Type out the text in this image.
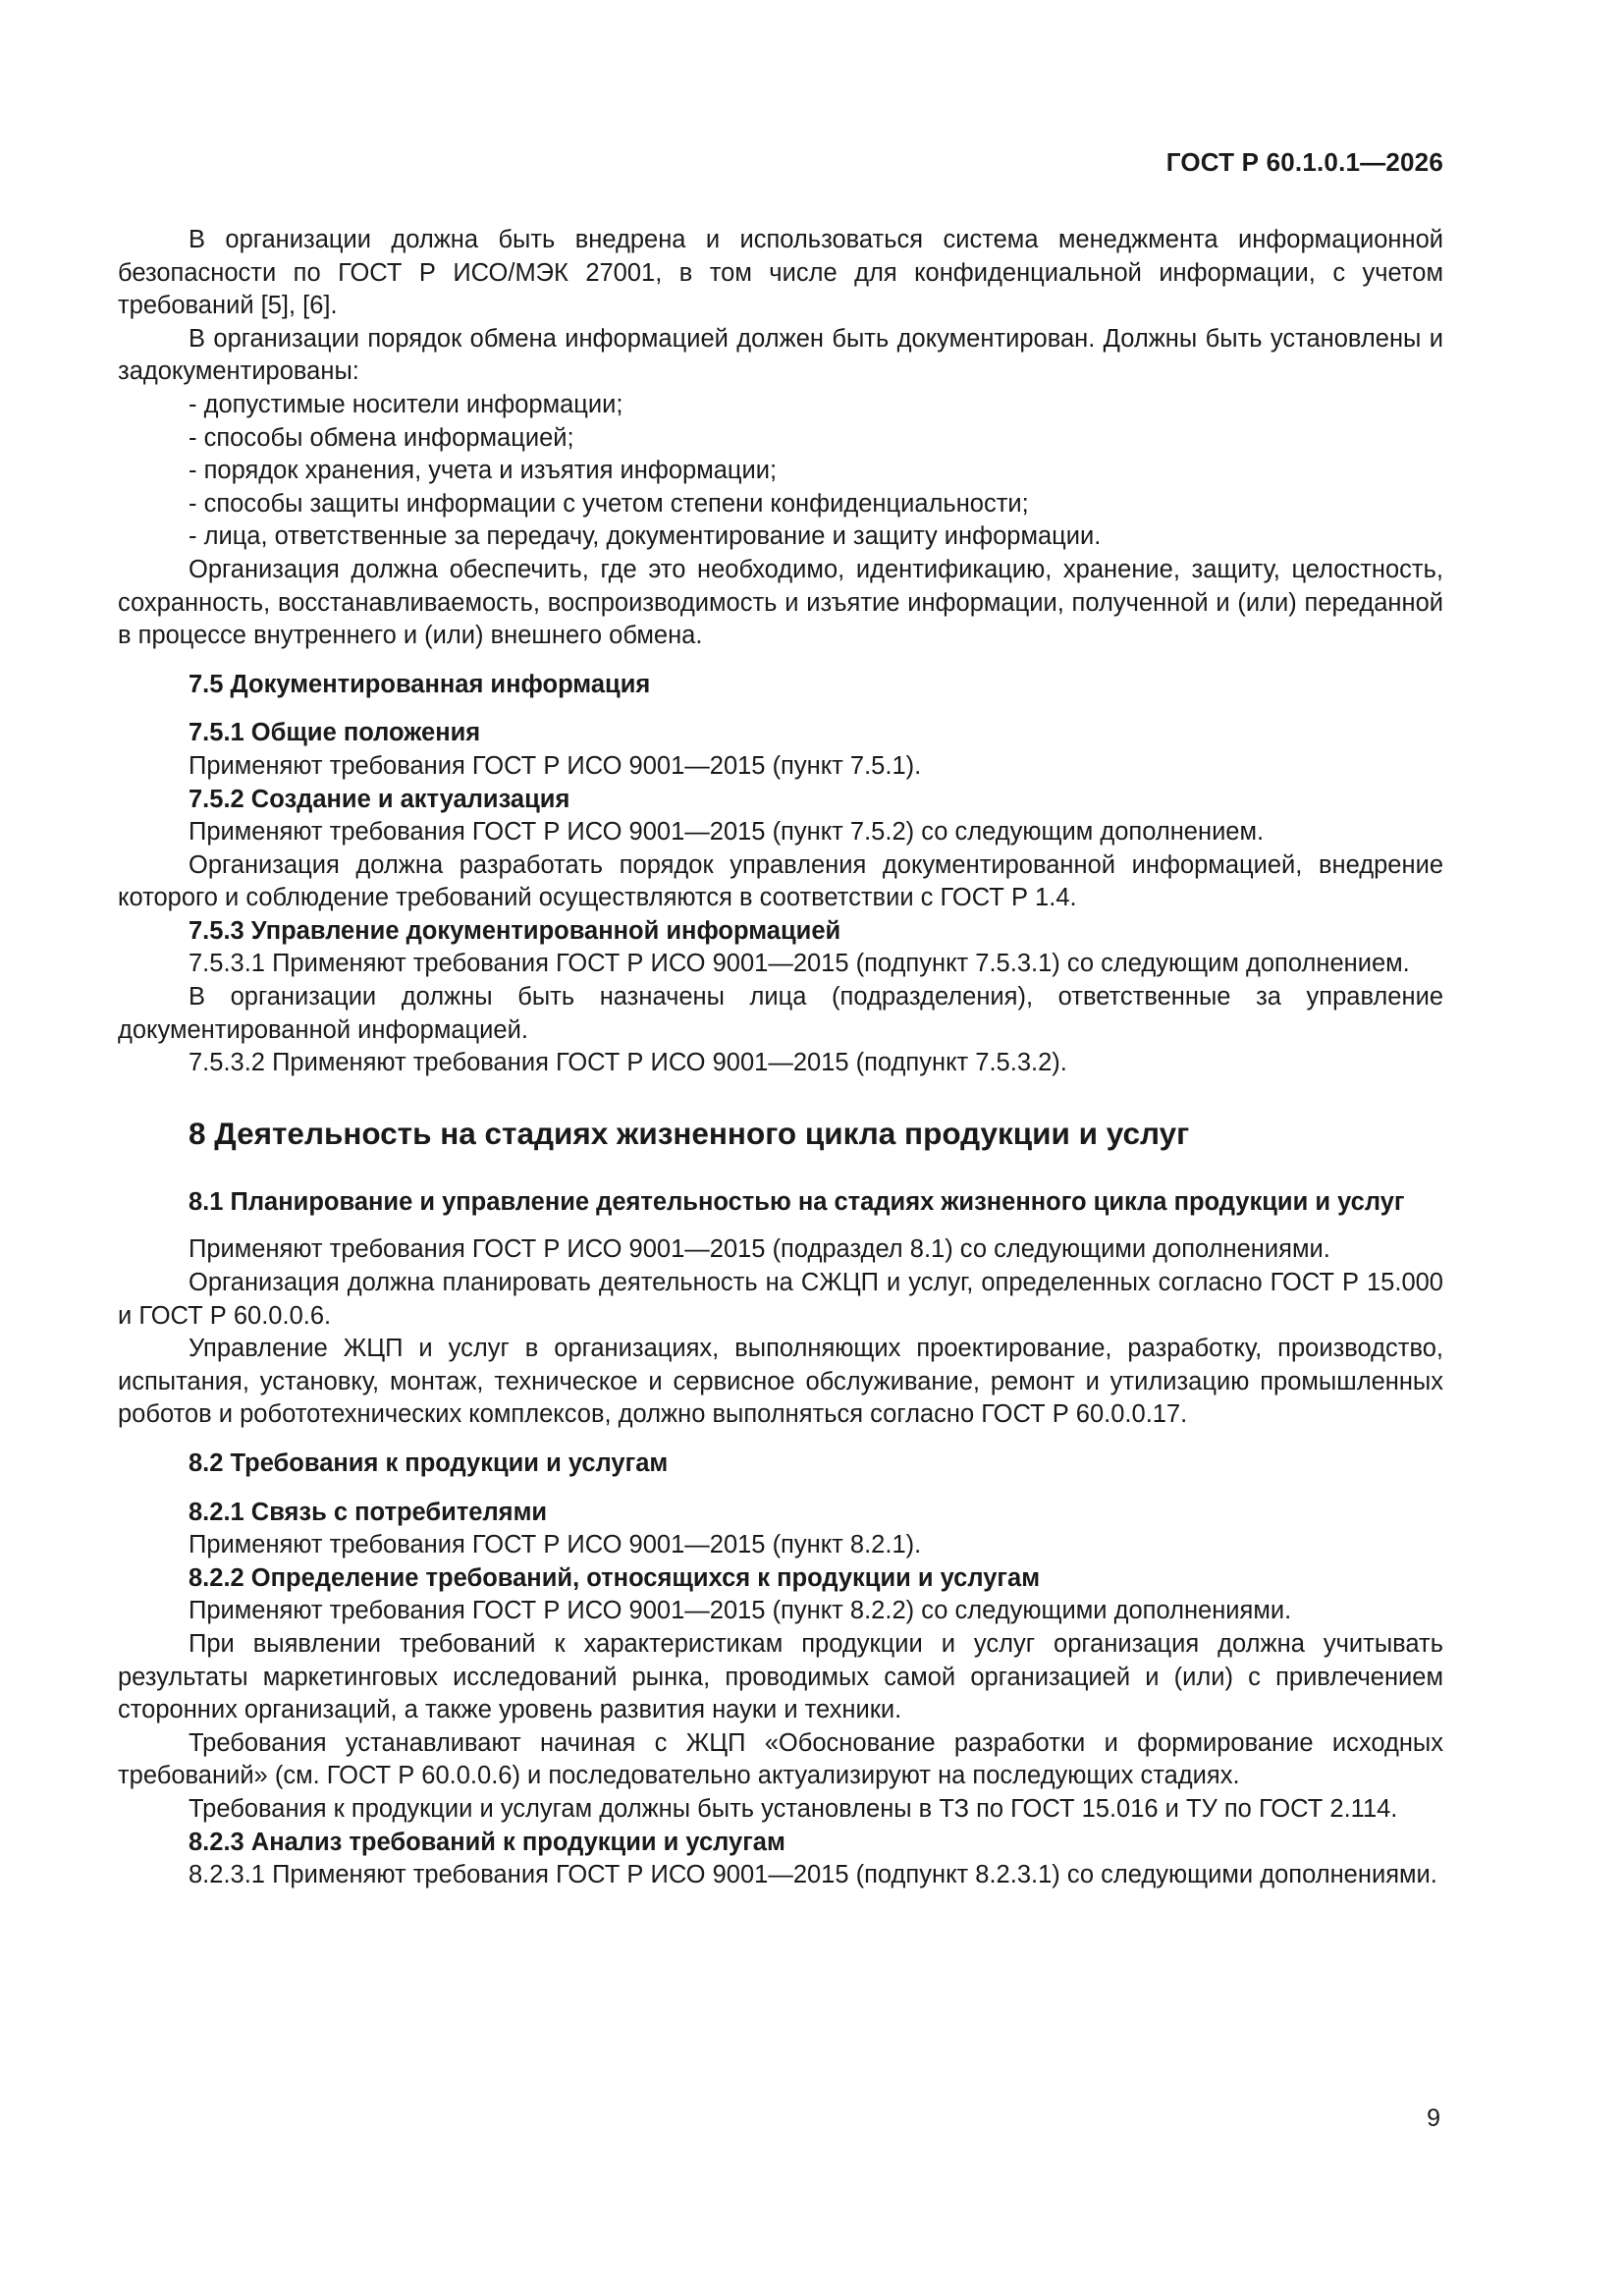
ГОСТ Р 60.1.0.1—2026

В организации должна быть внедрена и использоваться система менеджмента информационной безопасности по ГОСТ Р ИСО/МЭК 27001, в том числе для конфиденциальной информации, с учетом требований [5], [6].

В организации порядок обмена информацией должен быть документирован. Должны быть установлены и задокументированы:

- допустимые носители информации;
- способы обмена информацией;
- порядок хранения, учета и изъятия информации;
- способы защиты информации с учетом степени конфиденциальности;
- лица, ответственные за передачу, документирование и защиту информации.

Организация должна обеспечить, где это необходимо, идентификацию, хранение, защиту, целостность, сохранность, восстанавливаемость, воспроизводимость и изъятие информации, полученной и (или) переданной в процессе внутреннего и (или) внешнего обмена.

7.5 Документированная информация
7.5.1 Общие положения

Применяют требования ГОСТ Р ИСО 9001—2015 (пункт 7.5.1).

7.5.2 Создание и актуализация

Применяют требования ГОСТ Р ИСО 9001—2015 (пункт 7.5.2) со следующим дополнением.

Организация должна разработать порядок управления документированной информацией, внедрение которого и соблюдение требований осуществляются в соответствии с ГОСТ Р 1.4.

7.5.3 Управление документированной информацией

7.5.3.1 Применяют требования ГОСТ Р ИСО 9001—2015 (подпункт 7.5.3.1) со следующим дополнением.

В организации должны быть назначены лица (подразделения), ответственные за управление документированной информацией.

7.5.3.2 Применяют требования ГОСТ Р ИСО 9001—2015 (подпункт 7.5.3.2).

8 Деятельность на стадиях жизненного цикла продукции и услуг
8.1 Планирование и управление деятельностью на стадиях жизненного цикла продукции и услуг

Применяют требования ГОСТ Р ИСО 9001—2015 (подраздел 8.1) со следующими дополнениями.

Организация должна планировать деятельность на СЖЦП и услуг, определенных согласно ГОСТ Р 15.000 и ГОСТ Р 60.0.0.6.

Управление ЖЦП и услуг в организациях, выполняющих проектирование, разработку, производство, испытания, установку, монтаж, техническое и сервисное обслуживание, ремонт и утилизацию промышленных роботов и робототехнических комплексов, должно выполняться согласно ГОСТ Р 60.0.0.17.

8.2 Требования к продукции и услугам
8.2.1 Связь с потребителями

Применяют требования ГОСТ Р ИСО 9001—2015 (пункт 8.2.1).

8.2.2 Определение требований, относящихся к продукции и услугам

Применяют требования ГОСТ Р ИСО 9001—2015 (пункт 8.2.2) со следующими дополнениями.

При выявлении требований к характеристикам продукции и услуг организация должна учитывать результаты маркетинговых исследований рынка, проводимых самой организацией и (или) с привлечением сторонних организаций, а также уровень развития науки и техники.

Требования устанавливают начиная с ЖЦП «Обоснование разработки и формирование исходных требований» (см. ГОСТ Р 60.0.0.6) и последовательно актуализируют на последующих стадиях.

Требования к продукции и услугам должны быть установлены в ТЗ по ГОСТ 15.016 и ТУ по ГОСТ 2.114.

8.2.3 Анализ требований к продукции и услугам

8.2.3.1 Применяют требования ГОСТ Р ИСО 9001—2015 (подпункт 8.2.3.1) со следующими дополнениями.

9
